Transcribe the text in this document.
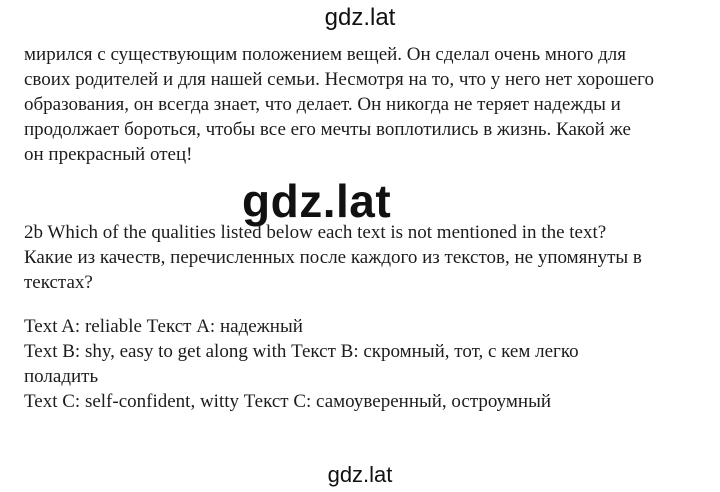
gdz.lat
мирился с существующим положением вещей. Он сделал очень много для
своих родителей и для нашей семьи. Несмотря на то, что у него нет хорошего
образования, он всегда знает, что делает. Он никогда не теряет надежды и
продолжает бороться, чтобы все его мечты воплотились в жизнь. Какой же
он прекрасный отец!
gdz.lat
2b Which of the qualities listed below each text is not mentioned in the text?
Какие из качеств, перечисленных после каждого из текстов, не упомянуты в
текстах?
Text A: reliable Текст А: надежный
Text B: shy, easy to get along with Текст В: скромный, тот, с кем легко
поладить
Text C: self-confident, witty Текст С: самоуверенный, остроумный
gdz.lat
